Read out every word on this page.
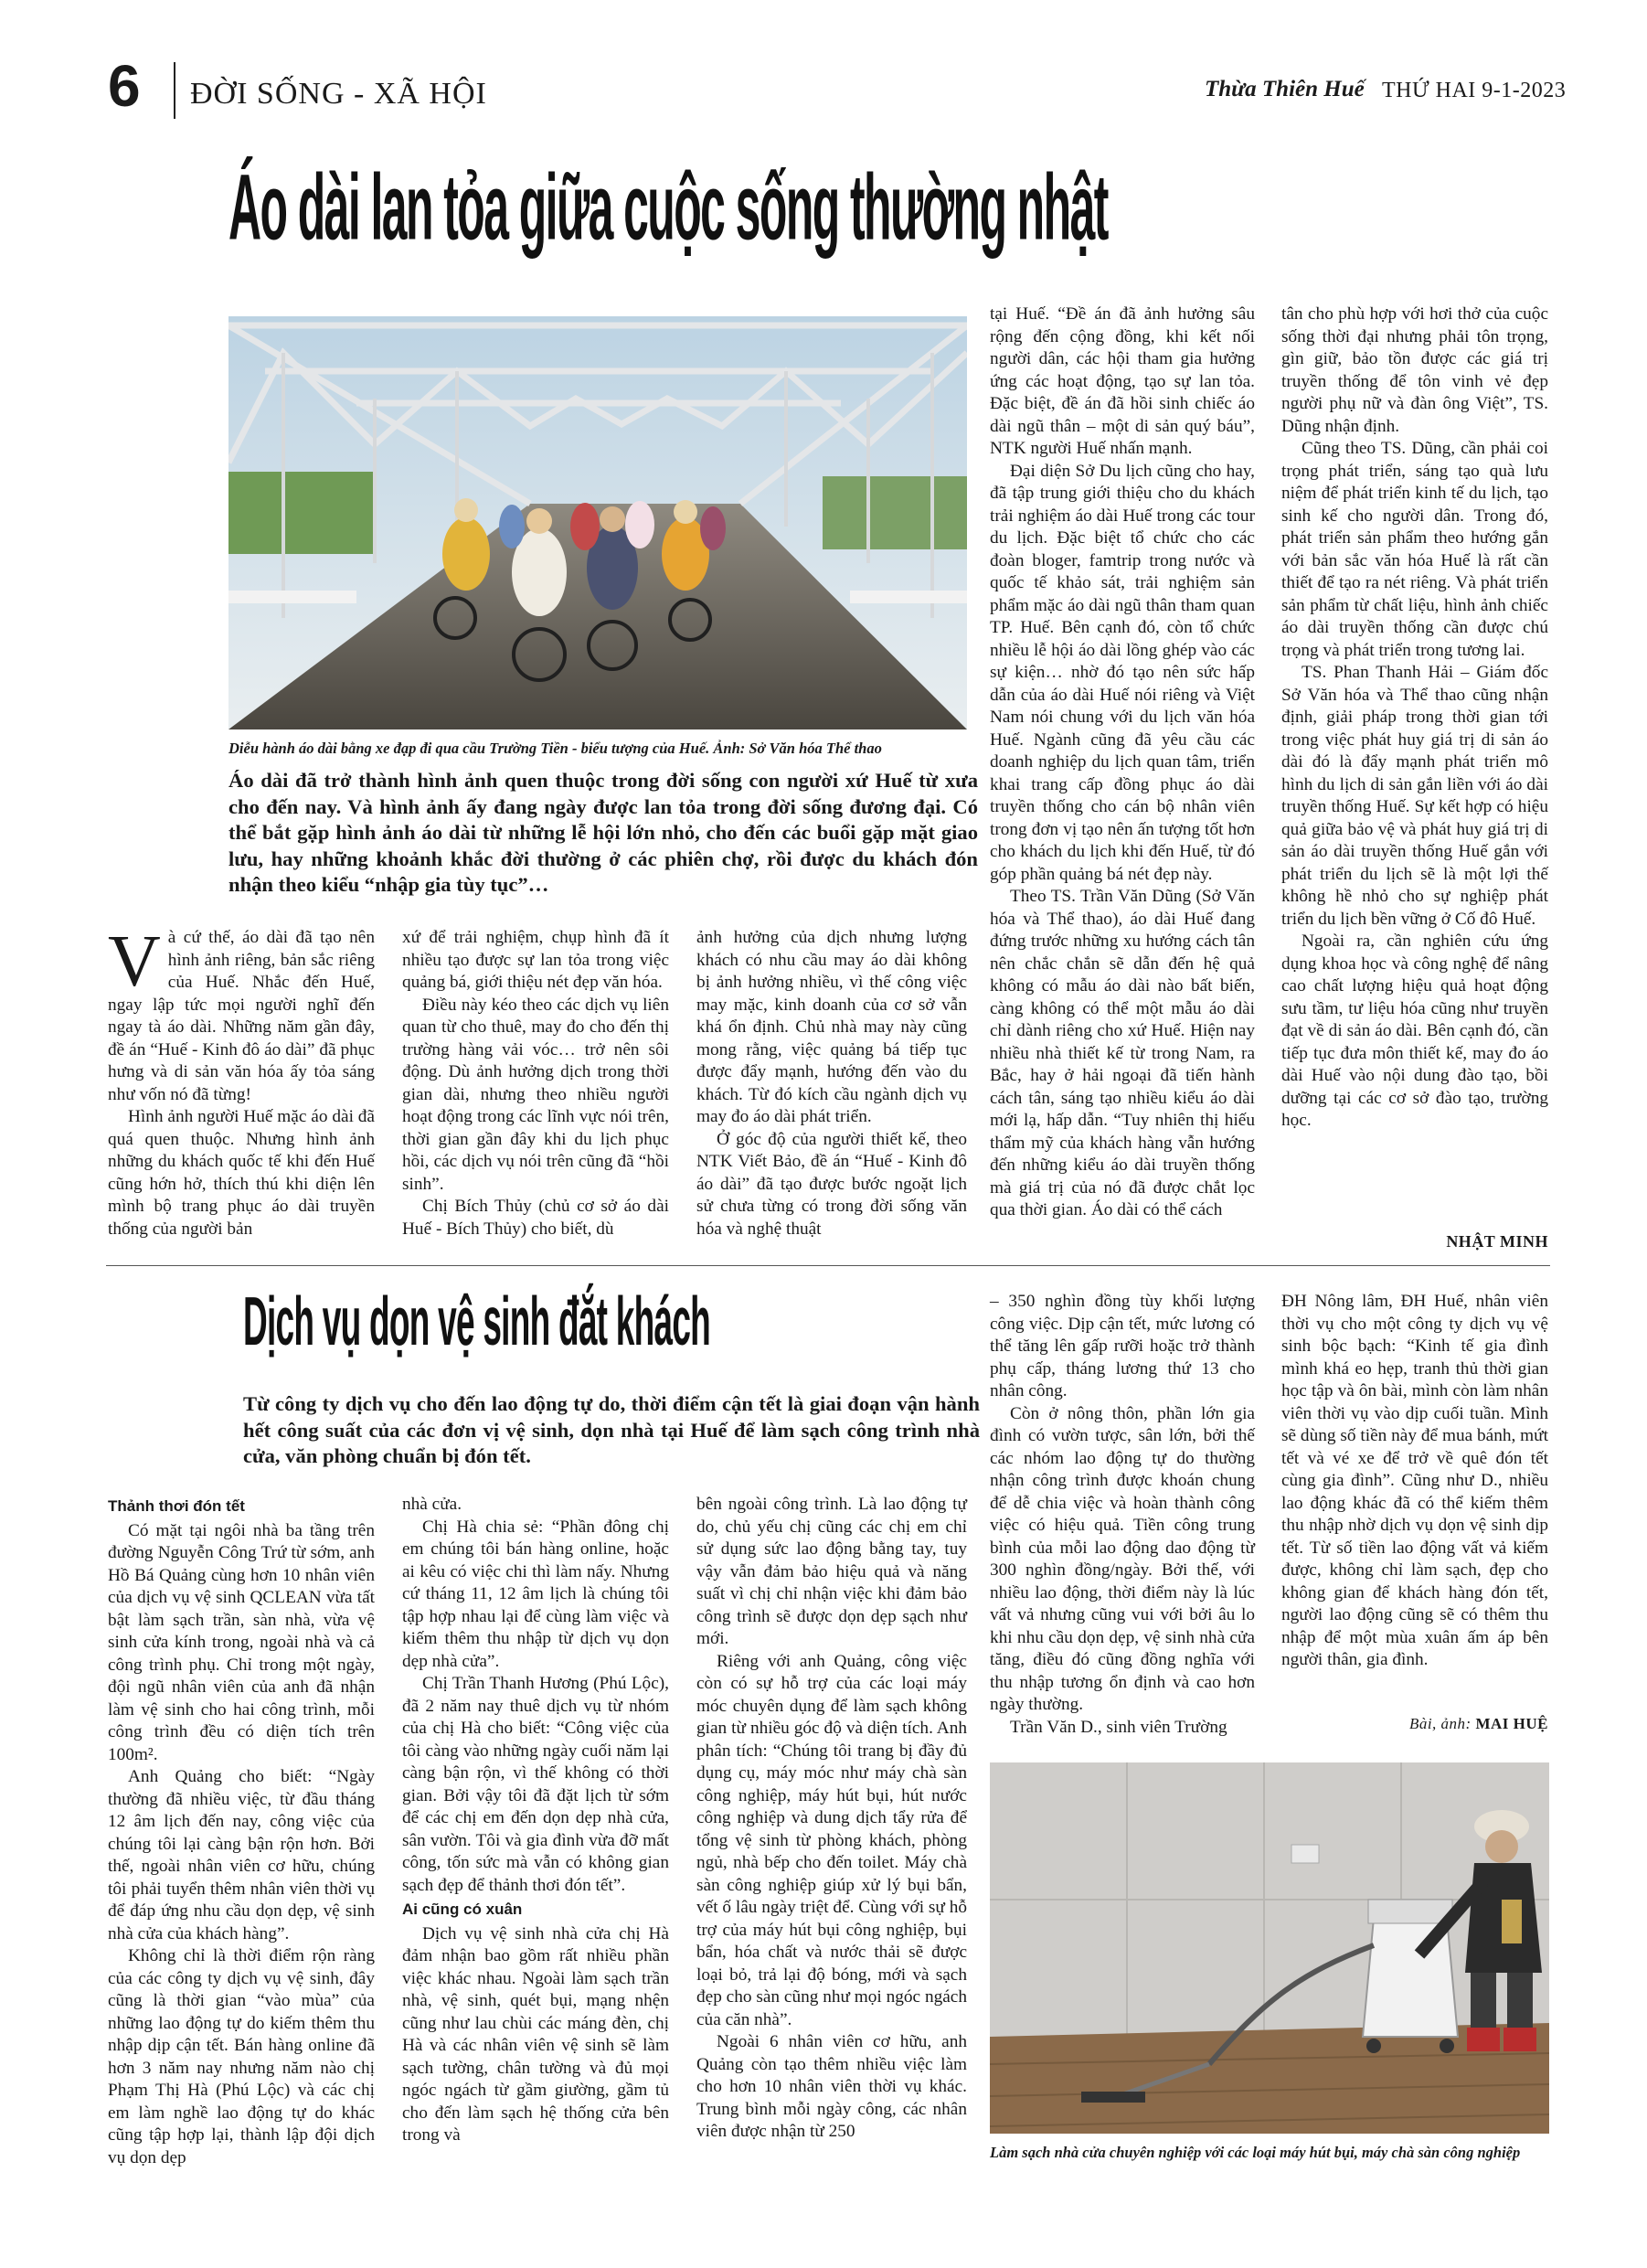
6 ĐỜI SỐNG - XÃ HỘI	Thừa Thiên Huế THỨ HAI 9-1-2023
Áo dài lan tỏa giữa cuộc sống thường nhật
Diễu hành áo dài bằng xe đạp đi qua cầu Trường Tiền - biểu tượng của Huế. Ảnh: Sở Văn hóa Thể thao
Áo dài đã trở thành hình ảnh quen thuộc trong đời sống con người xứ Huế từ xưa cho đến nay. Và hình ảnh ấy đang ngày được lan tỏa trong đời sống đương đại. Có thể bắt gặp hình ảnh áo dài từ những lễ hội lớn nhỏ, cho đến các buổi gặp mặt giao lưu, hay những khoảnh khắc đời thường ở các phiên chợ, rồi được du khách đón nhận theo kiểu “nhập gia tùy tục”…

Và cứ thế, áo dài đã tạo nên hình ảnh riêng, bản sắc riêng của Huế. Nhắc đến Huế, ngay lập tức mọi người nghĩ đến ngay tà áo dài. Những năm gần đây, đề án “Huế - Kinh đô áo dài” đã phục hưng và di sản văn hóa ấy tỏa sáng như vốn nó đã từng!

Hình ảnh người Huế mặc áo dài đã quá quen thuộc. Nhưng hình ảnh những du khách quốc tế khi đến Huế cũng hớn hở, thích thú khi diện lên mình bộ trang phục áo dài truyền thống của người bản

xứ để trải nghiệm, chụp hình đã ít nhiều tạo được sự lan tỏa trong việc quảng bá, giới thiệu nét đẹp văn hóa.

Điều này kéo theo các dịch vụ liên quan từ cho thuê, may đo cho đến thị trường hàng vải vóc… trở nên sôi động. Dù ảnh hưởng dịch trong thời gian dài, nhưng theo nhiều người hoạt động trong các lĩnh vực nói trên, thời gian gần đây khi du lịch phục hồi, các dịch vụ nói trên cũng đã “hồi sinh”.

Chị Bích Thủy (chủ cơ sở áo dài Huế - Bích Thủy) cho biết, dù

ảnh hưởng của dịch nhưng lượng khách có nhu cầu may áo dài không bị ảnh hưởng nhiều, vì thế công việc may mặc, kinh doanh của cơ sở vẫn khá ổn định. Chủ nhà may này cũng mong rằng, việc quảng bá tiếp tục được đẩy mạnh, hướng đến vào du khách. Từ đó kích cầu ngành dịch vụ may đo áo dài phát triển.

Ở góc độ của người thiết kế, theo NTK Viết Bảo, đề án “Huế - Kinh đô áo dài” đã tạo được bước ngoặt lịch sử chưa từng có trong đời sống văn hóa và nghệ thuật

tại Huế. “Đề án đã ảnh hưởng sâu rộng đến cộng đồng, khi kết nối người dân, các hội tham gia hưởng ứng các hoạt động, tạo sự lan tỏa. Đặc biệt, đề án đã hồi sinh chiếc áo dài ngũ thân – một di sản quý báu”, NTK người Huế nhấn mạnh.

Đại diện Sở Du lịch cũng cho hay, đã tập trung giới thiệu cho du khách trải nghiệm áo dài Huế trong các tour du lịch. Đặc biệt tổ chức cho các đoàn bloger, famtrip trong nước và quốc tế khảo sát, trải nghiệm sản phẩm mặc áo dài ngũ thân tham quan TP. Huế. Bên cạnh đó, còn tổ chức nhiều lễ hội áo dài lồng ghép vào các sự kiện… nhờ đó tạo nên sức hấp dẫn của áo dài Huế nói riêng và Việt Nam nói chung với du lịch văn hóa Huế. Ngành cũng đã yêu cầu các doanh nghiệp du lịch quan tâm, triển khai trang cấp đồng phục áo dài truyền thống cho cán bộ nhân viên trong đơn vị tạo nên ấn tượng tốt hơn cho khách du lịch khi đến Huế, từ đó góp phần quảng bá nét đẹp này.

Theo TS. Trần Văn Dũng (Sở Văn hóa và Thể thao), áo dài Huế đang đứng trước những xu hướng cách tân nên chắc chắn sẽ dẫn đến hệ quả không có mẫu áo dài nào bất biến, càng không có thể một mẫu áo dài chỉ dành riêng cho xứ Huế. Hiện nay nhiều nhà thiết kế từ trong Nam, ra Bắc, hay ở hải ngoại đã tiến hành cách tân, sáng tạo nhiều kiểu áo dài mới lạ, hấp dẫn. “Tuy nhiên thị hiếu thẩm mỹ của khách hàng vẫn hướng đến những kiểu áo dài truyền thống mà giá trị của nó đã được chắt lọc qua thời gian. Áo dài có thể cách

tân cho phù hợp với hơi thở của cuộc sống thời đại nhưng phải tôn trọng, gìn giữ, bảo tồn được các giá trị truyền thống để tôn vinh vẻ đẹp người phụ nữ và đàn ông Việt”, TS. Dũng nhận định.

Cũng theo TS. Dũng, cần phải coi trọng phát triển, sáng tạo quà lưu niệm để phát triển kinh tế du lịch, tạo sinh kế cho người dân. Trong đó, phát triển sản phẩm theo hướng gắn với bản sắc văn hóa Huế là rất cần thiết để tạo ra nét riêng. Và phát triển sản phẩm từ chất liệu, hình ảnh chiếc áo dài truyền thống cần được chú trọng và phát triển trong tương lai.

TS. Phan Thanh Hải – Giám đốc Sở Văn hóa và Thể thao cũng nhận định, giải pháp trong thời gian tới trong việc phát huy giá trị di sản áo dài đó là đẩy mạnh phát triển mô hình du lịch di sản gắn liền với áo dài truyền thống Huế. Sự kết hợp có hiệu quả giữa bảo vệ và phát huy giá trị di sản áo dài truyền thống Huế gắn với phát triển du lịch sẽ là một lợi thế không hề nhỏ cho sự nghiệp phát triển du lịch bền vững ở Cố đô Huế.

Ngoài ra, cần nghiên cứu ứng dụng khoa học và công nghệ để nâng cao chất lượng hiệu quả hoạt động sưu tầm, tư liệu hóa cũng như truyền đạt về di sản áo dài. Bên cạnh đó, cần tiếp tục đưa môn thiết kế, may đo áo dài Huế vào nội dung đào tạo, bồi dưỡng tại các cơ sở đào tạo, trường học.

NHẬT MINH
Dịch vụ dọn vệ sinh đắt khách
Từ công ty dịch vụ cho đến lao động tự do, thời điểm cận tết là giai đoạn vận hành hết công suất của các đơn vị vệ sinh, dọn nhà tại Huế để làm sạch công trình nhà cửa, văn phòng chuẩn bị đón tết.
Thảnh thơi đón tết

Có mặt tại ngôi nhà ba tầng trên đường Nguyễn Công Trứ từ sớm, anh Hồ Bá Quảng cùng hơn 10 nhân viên của dịch vụ vệ sinh QCLEAN vừa tất bật làm sạch trần, sàn nhà, vừa vệ sinh cửa kính trong, ngoài nhà và cả công trình phụ. Chỉ trong một ngày, đội ngũ nhân viên của anh đã nhận làm vệ sinh cho hai công trình, mỗi công trình đều có diện tích trên 100m².

Anh Quảng cho biết: “Ngày thường đã nhiều việc, từ đầu tháng 12 âm lịch đến nay, công việc của chúng tôi lại càng bận rộn hơn. Bởi thế, ngoài nhân viên cơ hữu, chúng tôi phải tuyển thêm nhân viên thời vụ để đáp ứng nhu cầu dọn dẹp, vệ sinh nhà cửa của khách hàng”.

Không chỉ là thời điểm rộn ràng của các công ty dịch vụ vệ sinh, đây cũng là thời gian “vào mùa” của những lao động tự do kiếm thêm thu nhập dịp cận tết. Bán hàng online đã hơn 3 năm nay nhưng năm nào chị Phạm Thị Hà (Phú Lộc) và các chị em làm nghề lao động tự do khác cũng tập hợp lại, thành lập đội dịch vụ dọn dẹp

nhà cửa.

Chị Hà chia sẻ: “Phần đông chị em chúng tôi bán hàng online, hoặc ai kêu có việc chi thì làm nấy. Nhưng cứ tháng 11, 12 âm lịch là chúng tôi tập hợp nhau lại để cùng làm việc và kiếm thêm thu nhập từ dịch vụ dọn dẹp nhà cửa”.

Chị Trần Thanh Hương (Phú Lộc), đã 2 năm nay thuê dịch vụ từ nhóm của chị Hà cho biết: “Công việc của tôi càng vào những ngày cuối năm lại càng bận rộn, vì thế không có thời gian. Bởi vậy tôi đã đặt lịch từ sớm để các chị em đến dọn dẹp nhà cửa, sân vườn. Tôi và gia đình vừa đỡ mất công, tốn sức mà vẫn có không gian sạch đẹp để thảnh thơi đón tết”.

Ai cũng có xuân

Dịch vụ vệ sinh nhà cửa chị Hà đảm nhận bao gồm rất nhiều phần việc khác nhau. Ngoài làm sạch trần nhà, vệ sinh, quét bụi, mạng nhện cũng như lau chùi các máng đèn, chị Hà và các nhân viên vệ sinh sẽ làm sạch tường, chân tường và đủ mọi ngóc ngách từ gầm giường, gầm tủ cho đến làm sạch hệ thống cửa bên trong và

bên ngoài công trình. Là lao động tự do, chủ yếu chị cũng các chị em chỉ sử dụng sức lao động bằng tay, tuy vậy vẫn đảm bảo hiệu quả và năng suất vì chị chỉ nhận việc khi đảm bảo công trình sẽ được dọn dẹp sạch như mới.

Riêng với anh Quảng, công việc còn có sự hỗ trợ của các loại máy móc chuyên dụng để làm sạch không gian từ nhiều góc độ và diện tích. Anh phân tích: “Chúng tôi trang bị đầy đủ dụng cụ, máy móc như máy chà sàn công nghiệp, máy hút bụi, hút nước công nghiệp và dung dịch tẩy rửa để tổng vệ sinh từ phòng khách, phòng ngủ, nhà bếp cho đến toilet. Máy chà sàn công nghiệp giúp xử lý bụi bẩn, vết ố lâu ngày triệt để. Cùng với sự hỗ trợ của máy hút bụi công nghiệp, bụi bẩn, hóa chất và nước thải sẽ được loại bỏ, trả lại độ bóng, mới và sạch đẹp cho sàn cũng như mọi ngóc ngách của căn nhà”.

Ngoài 6 nhân viên cơ hữu, anh Quảng còn tạo thêm nhiều việc làm cho hơn 10 nhân viên thời vụ khác. Trung bình mỗi ngày công, các nhân viên được nhận từ 250

– 350 nghìn đồng tùy khối lượng công việc. Dịp cận tết, mức lương có thể tăng lên gấp rưỡi hoặc trở thành phụ cấp, tháng lương thứ 13 cho nhân công.

Còn ở nông thôn, phần lớn gia đình có vườn tược, sân lớn, bởi thế các nhóm lao động tự do thường nhận công trình được khoán chung để dễ chia việc và hoàn thành công việc có hiệu quả. Tiền công trung bình của mỗi lao động dao động từ 300 nghìn đồng/ngày. Bởi thế, với nhiều lao động, thời điểm này là lúc vất vả nhưng cũng vui với bởi âu lo khi nhu cầu dọn dẹp, vệ sinh nhà cửa tăng, điều đó cũng đồng nghĩa với thu nhập tương ổn định và cao hơn ngày thường.

Trần Văn D., sinh viên Trường

ĐH Nông lâm, ĐH Huế, nhân viên thời vụ cho một công ty dịch vụ vệ sinh bộc bạch: “Kinh tế gia đình mình khá eo hẹp, tranh thủ thời gian học tập và ôn bài, mình còn làm nhân viên thời vụ vào dịp cuối tuần. Mình sẽ dùng số tiền này để mua bánh, mứt tết và vé xe để trở về quê đón tết cùng gia đình”. Cũng như D., nhiều lao động khác đã có thể kiếm thêm thu nhập nhờ dịch vụ dọn vệ sinh dịp tết. Từ số tiền lao động vất vả kiếm được, không chỉ làm sạch, đẹp cho không gian để khách hàng đón tết, người lao động cũng sẽ có thêm thu nhập để một mùa xuân ấm áp bên người thân, gia đình.

Bài, ảnh: MAI HUỆ
Làm sạch nhà cửa chuyên nghiệp với các loại máy hút bụi, máy chà sàn công nghiệp
